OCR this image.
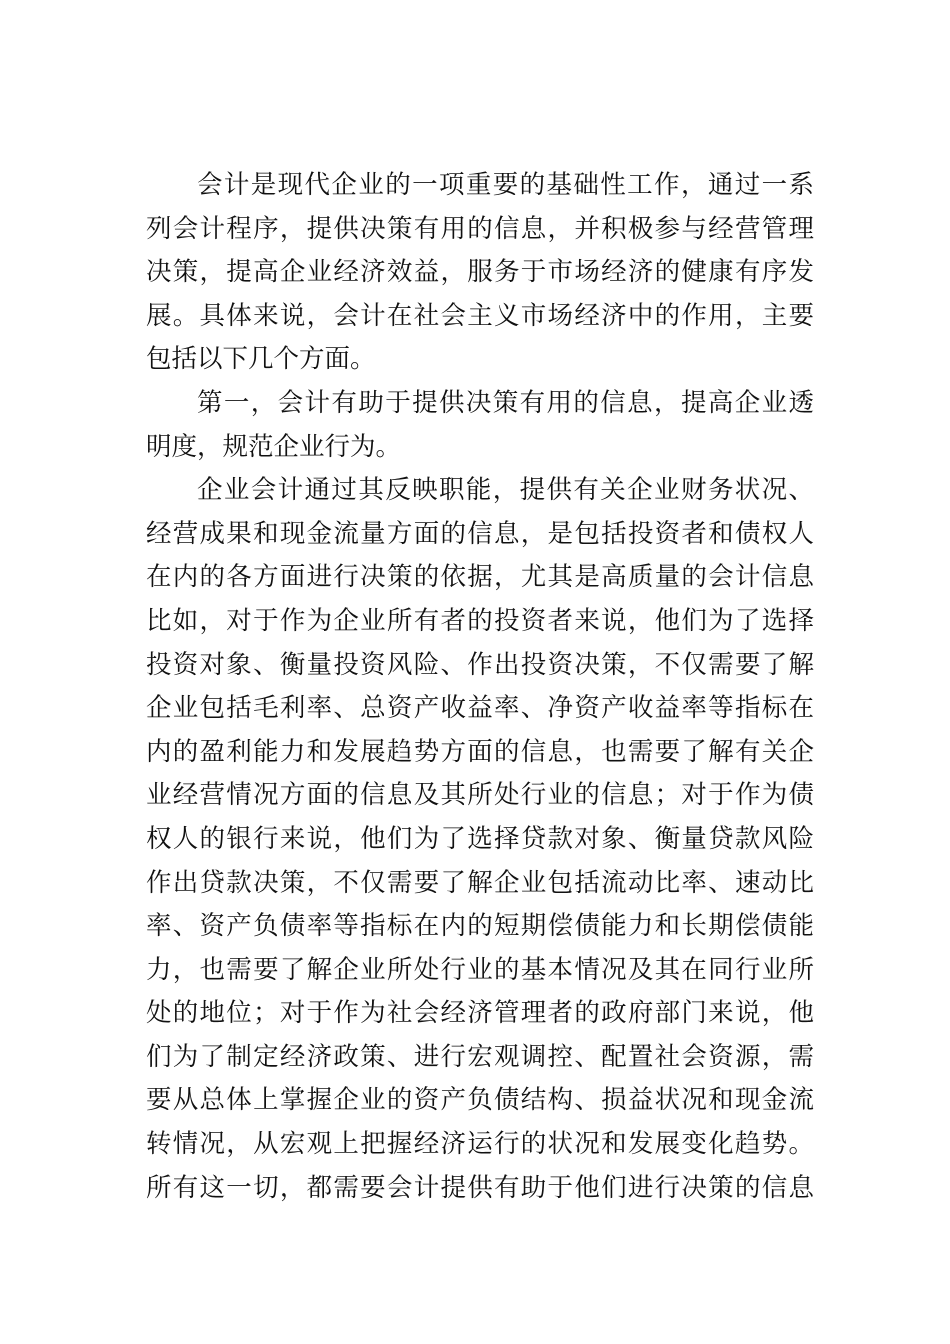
会计是现代企业的一项重要的基础性工作，通过一系
列会计程序，提供决策有用的信息，并积极参与经营管理
决策，提高企业经济效益，服务于市场经济的健康有序发
展。具体来说，会计在社会主义市场经济中的作用，主要
包括以下几个方面。
第一，会计有助于提供决策有用的信息，提高企业透
明度，规范企业行为。
企业会计通过其反映职能，提供有关企业财务状况、
经营成果和现金流量方面的信息，是包括投资者和债权人
在内的各方面进行决策的依据，尤其是高质量的会计信息
比如，对于作为企业所有者的投资者来说，他们为了选择
投资对象、衡量投资风险、作出投资决策，不仅需要了解
企业包括毛利率、总资产收益率、净资产收益率等指标在
内的盈利能力和发展趋势方面的信息，也需要了解有关企
业经营情况方面的信息及其所处行业的信息；对于作为债
权人的银行来说，他们为了选择贷款对象、衡量贷款风险
作出贷款决策，不仅需要了解企业包括流动比率、速动比
率、资产负债率等指标在内的短期偿债能力和长期偿债能
力，也需要了解企业所处行业的基本情况及其在同行业所
处的地位；对于作为社会经济管理者的政府部门来说，他
们为了制定经济政策、进行宏观调控、配置社会资源，需
要从总体上掌握企业的资产负债结构、损益状况和现金流
转情况，从宏观上把握经济运行的状况和发展变化趋势。
所有这一切，都需要会计提供有助于他们进行决策的信息
